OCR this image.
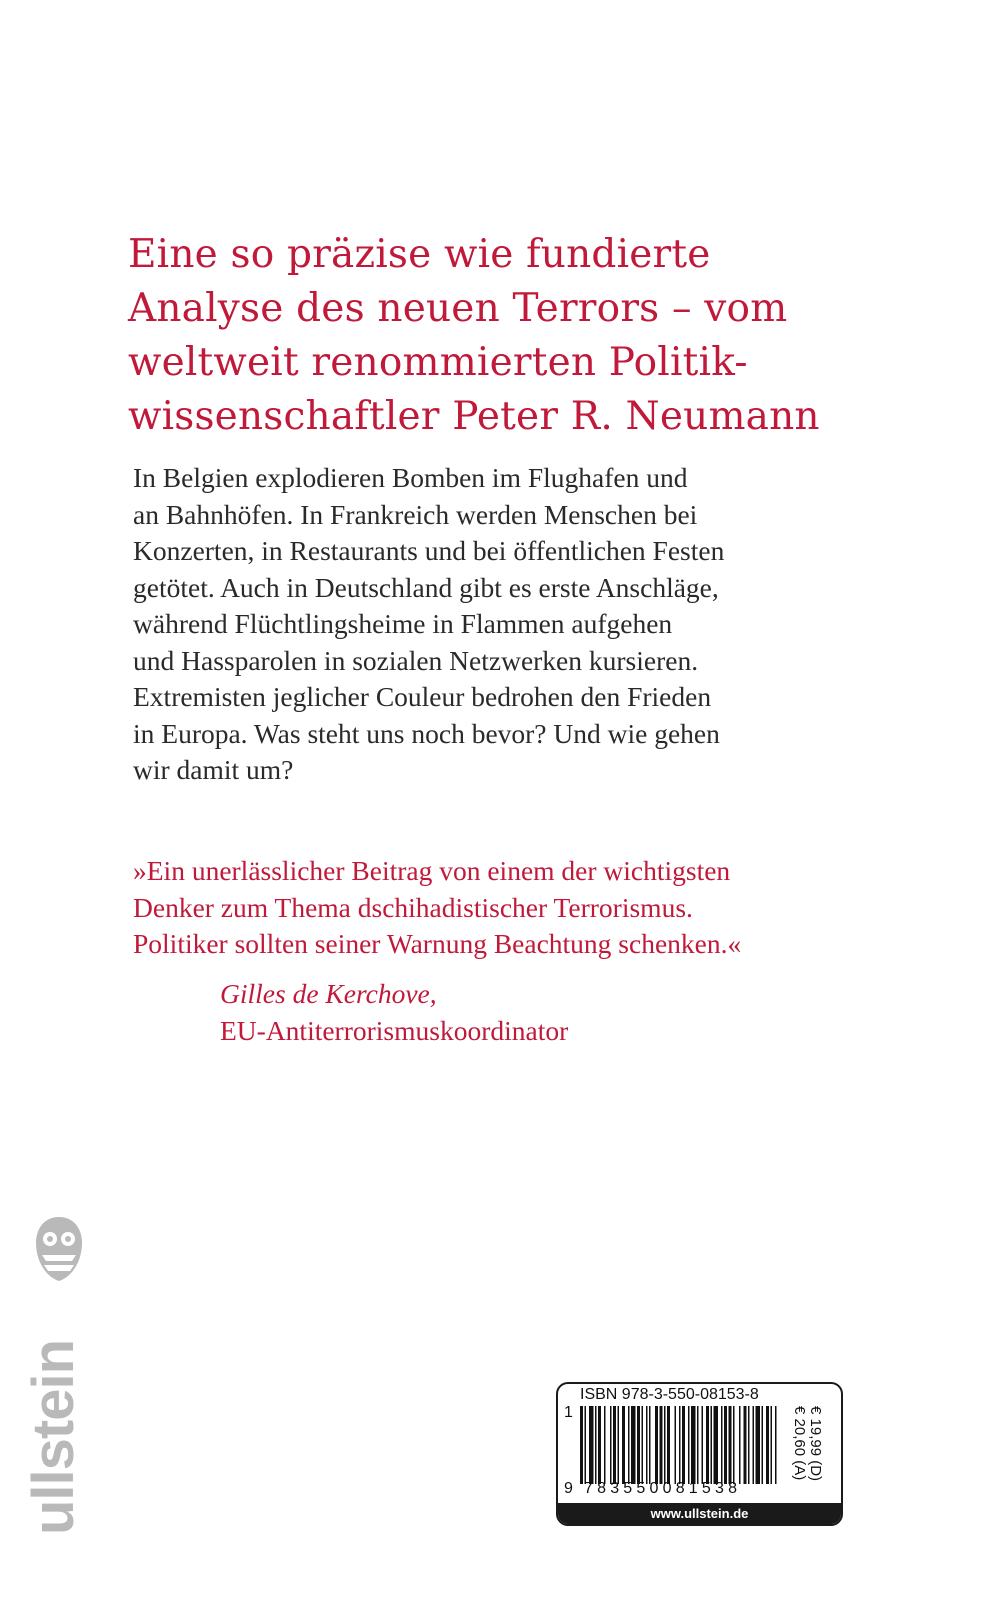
Eine so präzise wie fundierte
Analyse des neuen Terrors – vom
weltweit renommierten Politik-
wissenschaftler Peter R. Neumann

In Belgien explodieren Bomben im Flughafen und
an Bahnhöfen. In Frankreich werden Menschen bei
Konzerten, in Restaurants und bei öffentlichen Festen
getötet. Auch in Deutschland gibt es erste Anschläge,
während Flüchtlingsheime in Flammen aufgehen
und Hassparolen in sozialen Netzwerken kursieren.
Extremisten jeglicher Couleur bedrohen den Frieden
in Europa. Was steht uns noch bevor? Und wie gehen
wir damit um?

»Ein unerlässlicher Beitrag von einem der wichtigsten
Denker zum Thema dschihadistischer Terrorismus.
Politiker sollten seiner Warnung Beachtung schenken.«
Gilles de Kerchove,
EU-Antiterrorismuskoordinator
ullstein	ISBN 978-3-550-08153-8
1
9 783550081538
€ 19,99 (D)
€ 20,60 (A)
www.ullstein.de
